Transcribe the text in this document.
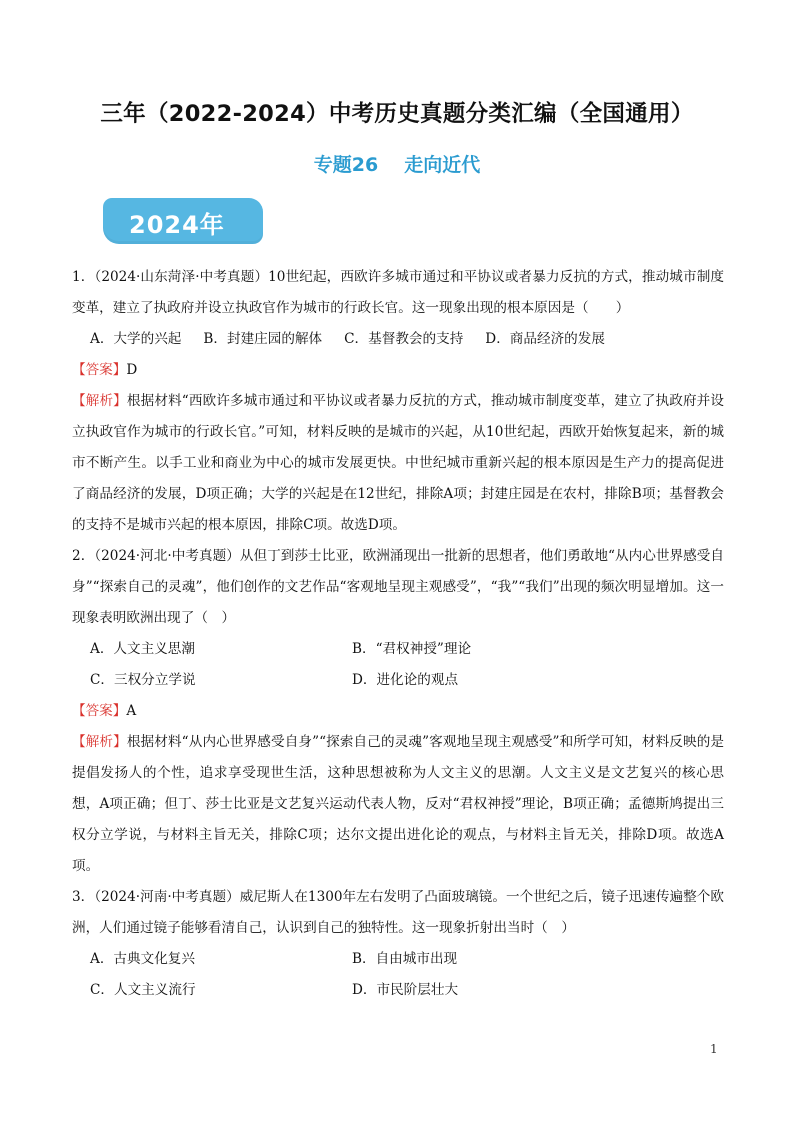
三年（2022-2024）中考历史真题分类汇编（全国通用）
专题26 走向近代
2024年

1．（2024·山东菏泽·中考真题）10世纪起，西欧许多城市通过和平协议或者暴力反抗的方式，推动城市制度变革，建立了执政府并设立执政官作为城市的行政长官。这一现象出现的根本原因是（　　）

A．大学的兴起 B．封建庄园的解体 C．基督教会的支持 D．商品经济的发展

【答案】D

【解析】根据材料“西欧许多城市通过和平协议或者暴力反抗的方式，推动城市制度变革，建立了执政府并设立执政官作为城市的行政长官。”可知，材料反映的是城市的兴起，从10世纪起，西欧开始恢复起来，新的城市不断产生。以手工业和商业为中心的城市发展更快。中世纪城市重新兴起的根本原因是生产力的提高促进了商品经济的发展，D项正确；大学的兴起是在12世纪，排除A项；封建庄园是在农村，排除B项；基督教会的支持不是城市兴起的根本原因，排除C项。故选D项。

2．（2024·河北·中考真题）从但丁到莎士比亚，欧洲涌现出一批新的思想者，他们勇敢地“从内心世界感受自身”“探索自己的灵魂”，他们创作的文艺作品“客观地呈现主观感受”，“我”“我们”出现的频次明显增加。这一现象表明欧洲出现了（　）

A．人文主义思潮	B．“君权神授”理论
C．三权分立学说	D．进化论的观点

【答案】A

【解析】根据材料“从内心世界感受自身”“探索自己的灵魂”客观地呈现主观感受”和所学可知，材料反映的是提倡发扬人的个性，追求享受现世生活，这种思想被称为人文主义的思潮。人文主义是文艺复兴的核心思想，A项正确；但丁、莎士比亚是文艺复兴运动代表人物，反对“君权神授”理论，B项正确；孟德斯鸠提出三权分立学说，与材料主旨无关，排除C项；达尔文提出进化论的观点，与材料主旨无关，排除D项。故选A项。

3．（2024·河南·中考真题）威尼斯人在1300年左右发明了凸面玻璃镜。一个世纪之后，镜子迅速传遍整个欧洲，人们通过镜子能够看清自己，认识到自己的独特性。这一现象折射出当时（　）

A．古典文化复兴	B．自由城市出现
C．人文主义流行	D．市民阶层壮大
1
